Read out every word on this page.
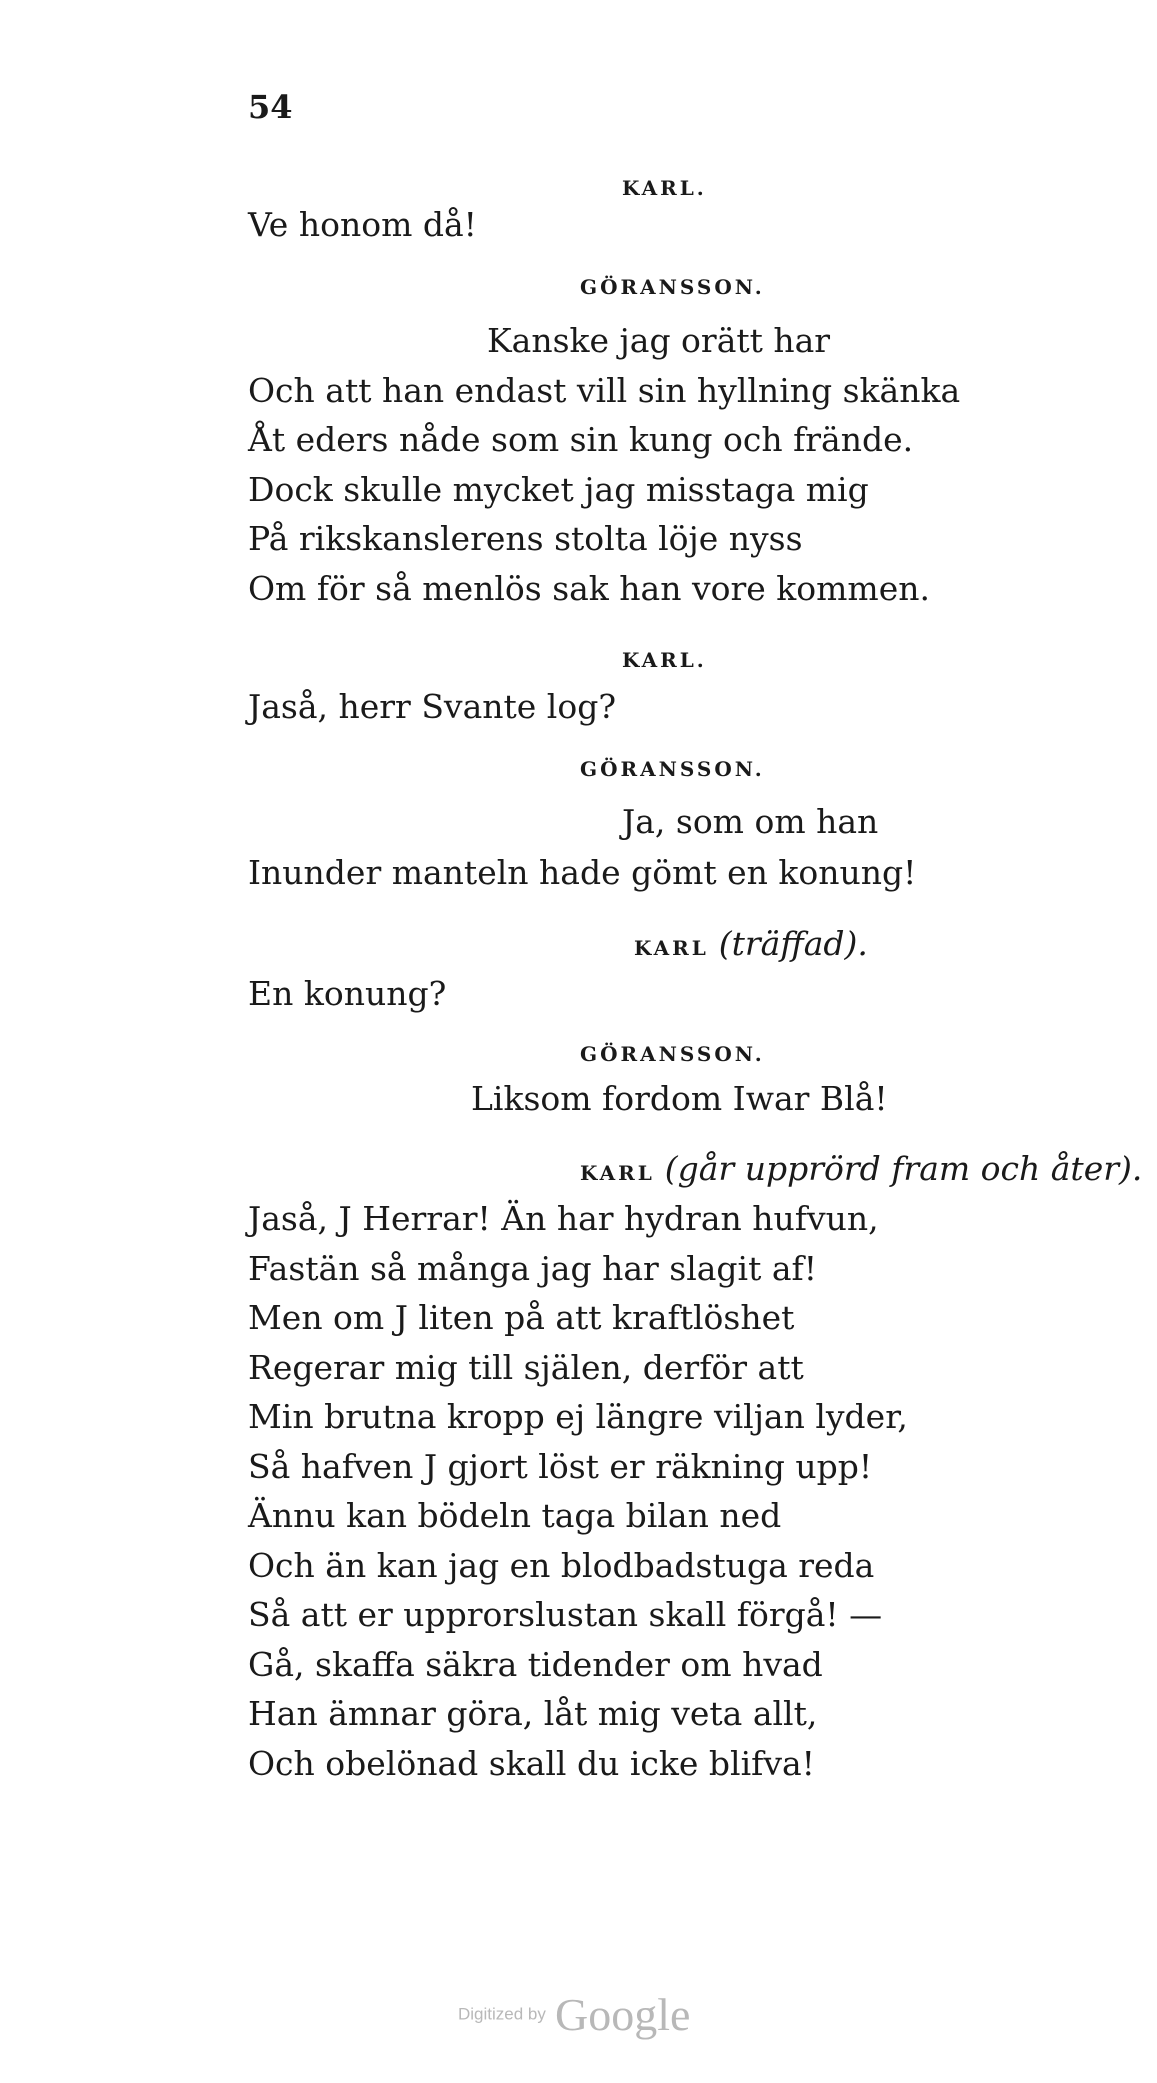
54
KARL.
Ve honom då!
GÖRANSSON.
Kanske jag orätt har
Och att han endast vill sin hyllning skänka
Åt eders nåde som sin kung och frände.
Dock skulle mycket jag misstaga mig
På rikskanslerens stolta löje nyss
Om för så menlös sak han vore kommen.
KARL.
Jaså, herr Svante log?
GÖRANSSON.
Ja, som om han
Inunder manteln hade gömt en konung!
KARL (träffad).
En konung?
GÖRANSSON.
Liksom fordom Iwar Blå!
KARL (går upprörd fram och åter).
Jaså, J Herrar! Än har hydran hufvun,
Fastän så många jag har slagit af!
Men om J liten på att kraftlöshet
Regerar mig till själen, derför att
Min brutna kropp ej längre viljan lyder,
Så hafven J gjort löst er räkning upp!
Ännu kan bödeln taga bilan ned
Och än kan jag en blodbadstuga reda
Så att er upprorslustan skall förgå! —
Gå, skaffa säkra tidender om hvad
Han ämnar göra, låt mig veta allt,
Och obelönad skall du icke blifva!
Digitized by Google
